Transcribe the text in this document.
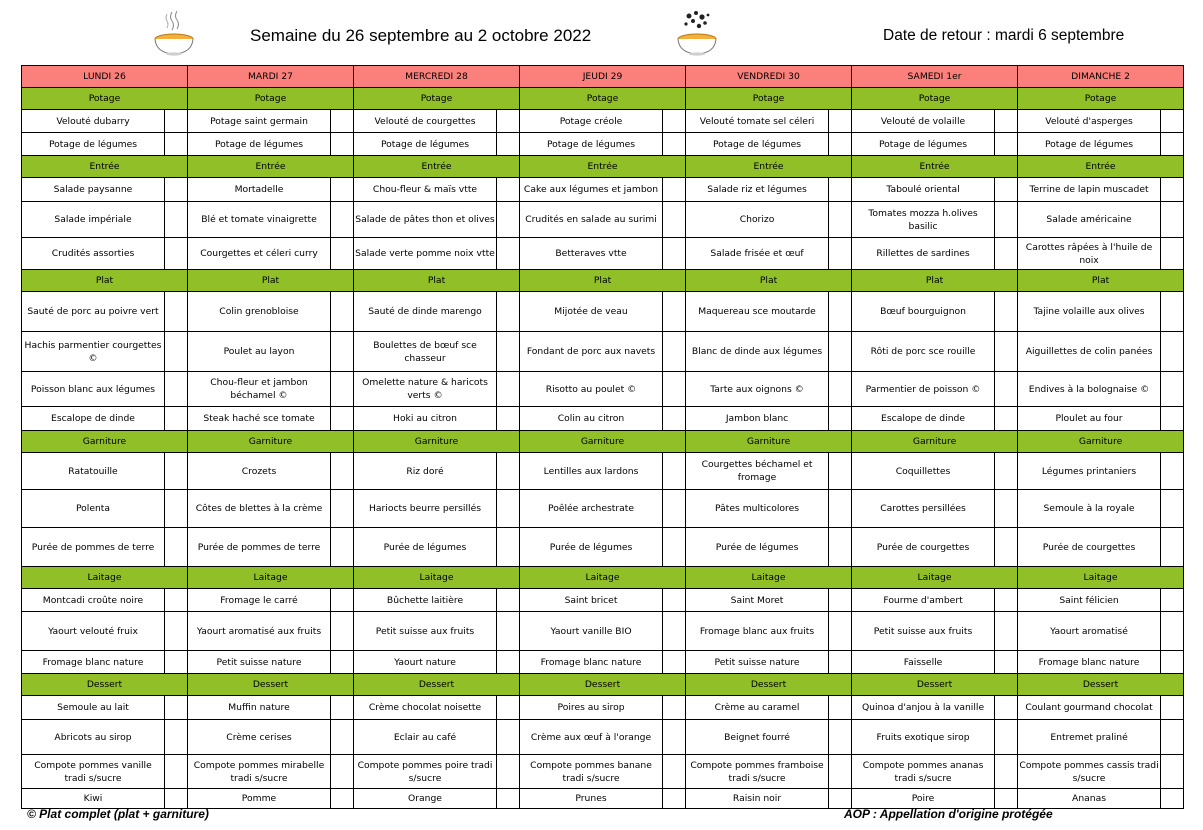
Semaine du 26 septembre au 2 octobre 2022	Date de retour : mardi 6 septembre
LUNDI 26		MARDI 27		MERCREDI 28		JEUDI 29		VENDREDI 30		SAMEDI 1er		DIMANCHE 2	
Potage		Potage		Potage		Potage		Potage		Potage		Potage	
Velouté dubarry		Potage saint germain		Velouté de courgettes		Potage créole		Velouté tomate sel céleri		Velouté de volaille		Velouté d'asperges	
Potage de légumes		Potage de légumes		Potage de légumes		Potage de légumes		Potage de légumes		Potage de légumes		Potage de légumes	
Entrée		Entrée		Entrée		Entrée		Entrée		Entrée		Entrée	
Salade paysanne		Mortadelle		Chou-fleur & maïs vtte		Cake aux légumes et jambon		Salade riz et légumes		Taboulé oriental		Terrine de lapin muscadet	
Salade impériale		Blé et tomate vinaigrette		Salade de pâtes thon et olives		Crudités en salade au surimi		Chorizo		Tomates mozza h.olives basilic		Salade américaine	
Crudités assorties		Courgettes et céleri curry		Salade verte pomme noix vtte		Betteraves vtte		Salade frisée et œuf		Rillettes de sardines		Carottes râpées à l'huile de noix	
Plat		Plat		Plat		Plat		Plat		Plat		Plat	
Sauté de porc au poivre vert		Colin grenobloise		Sauté de dinde marengo		Mijotée de veau		Maquereau sce moutarde		Bœuf bourguignon		Tajine volaille aux olives	
Hachis parmentier courgettes ©		Poulet au layon		Boulettes de bœuf sce chasseur		Fondant de porc aux navets		Blanc de dinde aux légumes		Rôti de porc sce rouille		Aiguillettes de colin panées	
Poisson blanc aux légumes		Chou-fleur et jambon béchamel ©		Omelette nature & haricots verts ©		Risotto au poulet ©		Tarte aux oignons ©		Parmentier de poisson ©		Endives à la bolognaise ©	
Escalope de dinde		Steak haché sce tomate		Hoki au citron		Colin au citron		Jambon blanc		Escalope de dinde		Ploulet au four	
Garniture		Garniture		Garniture		Garniture		Garniture		Garniture		Garniture	
Ratatouille		Crozets		Riz doré		Lentilles aux lardons		Courgettes béchamel et fromage		Coquillettes		Légumes printaniers	
Polenta		Côtes de blettes à la crème		Hariocts beurre persillés		Poêlée archestrate		Pâtes multicolores		Carottes persillées		Semoule à la royale	
Purée de pommes de terre		Purée de pommes de terre		Purée de légumes		Purée de légumes		Purée de légumes		Purée de courgettes		Purée de courgettes	
Laitage		Laitage		Laitage		Laitage		Laitage		Laitage		Laitage	
Montcadi croûte noire		Fromage le carré		Bûchette laitière		Saint bricet		Saint Moret		Fourme d'ambert		Saint félicien	
Yaourt velouté fruix		Yaourt aromatisé aux fruits		Petit suisse aux fruits		Yaourt vanille BIO		Fromage blanc aux fruits		Petit suisse aux fruits		Yaourt aromatisé	
Fromage blanc nature		Petit suisse nature		Yaourt nature		Fromage blanc nature		Petit suisse nature		Faisselle		Fromage blanc nature	
Dessert		Dessert		Dessert		Dessert		Dessert		Dessert		Dessert	
Semoule au lait		Muffin nature		Crème chocolat noisette		Poires au sirop		Crème au caramel		Quinoa d'anjou à la vanille		Coulant gourmand chocolat	
Abricots au sirop		Crème cerises		Eclair au café		Crème aux œuf à l'orange		Beignet fourré		Fruits exotique sirop		Entremet praliné	
Compote pommes vanille tradi s/sucre		Compote pommes mirabelle tradi s/sucre		Compote pommes poire tradi s/sucre		Compote pommes banane tradi s/sucre		Compote pommes framboise tradi s/sucre		Compote pommes ananas tradi s/sucre		Compote pommes cassis tradi s/sucre	
Kiwi		Pomme		Orange		Prunes		Raisin noir		Poire		Ananas	
© Plat complet (plat + garniture)	AOP : Appellation d'origine protégée
